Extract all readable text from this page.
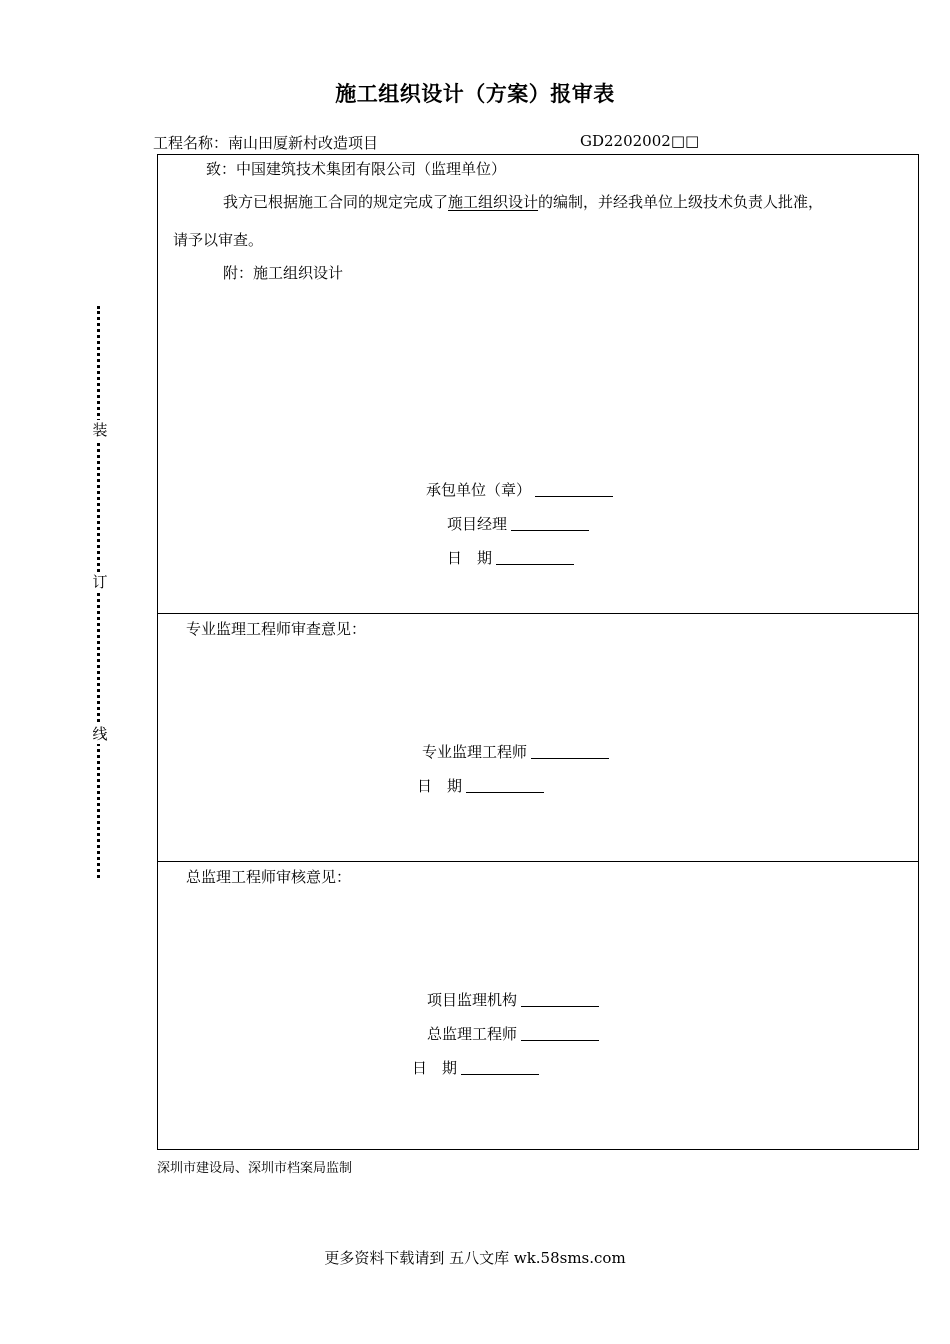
施工组织设计（方案）报审表
工程名称：南山田厦新村改造项目	GD2202002□□
装
订
线
致：中国建筑技术集团有限公司（监理单位）
我方已根据施工合同的规定完成了施工组织设计的编制，并经我单位上级技术负责人批准，
请予以审查。
附：施工组织设计
承包单位（章）
项目经理
日　期
专业监理工程师审查意见：
专业监理工程师
日　期
总监理工程师审核意见：
项目监理机构
总监理工程师
日　期
深圳市建设局、深圳市档案局监制
更多资料下载请到 五八文库 wk.58sms.com
